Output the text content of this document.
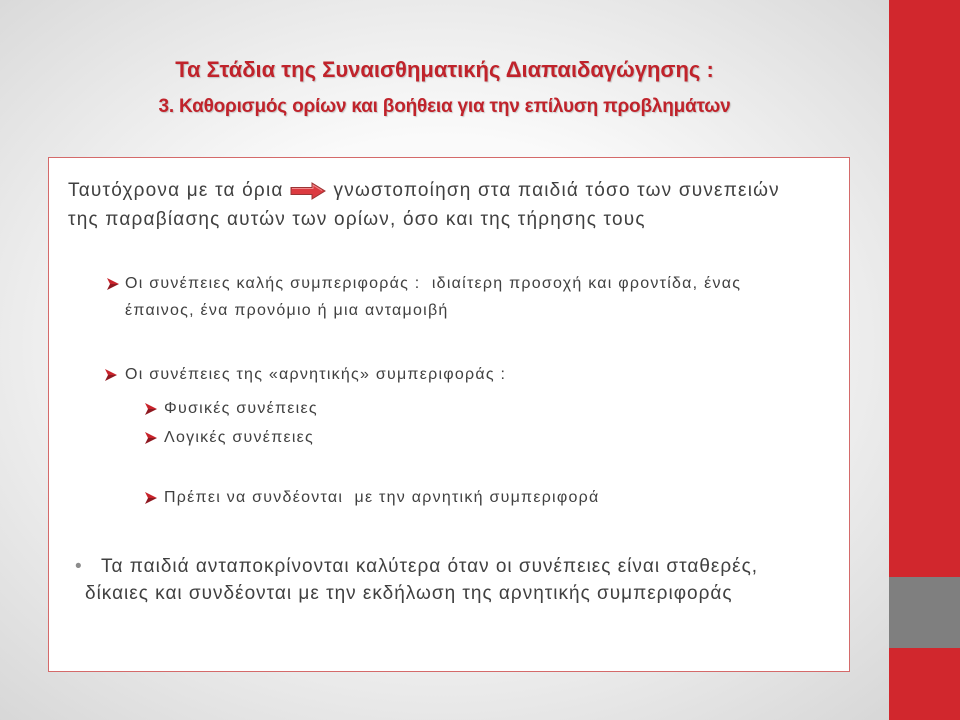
Τα Στάδια της Συναισθηματικής Διαπαιδαγώγησης :
3. Καθορισμός ορίων και βοήθεια για την επίλυση προβλημάτων
Ταυτόχρονα με τα όρια	γνωστοποίηση στα παιδιά τόσο των συνεπειών
της παραβίασης αυτών των ορίων, όσο και της τήρησης τους
Οι συνέπειες καλής συμπεριφοράς :  ιδιαίτερη προσοχή και φροντίδα, ένας
έπαινος, ένα προνόμιο ή μια ανταμοιβή
Οι συνέπειες της «αρνητικής» συμπεριφοράς :
Φυσικές συνέπειες
Λογικές συνέπειες
Πρέπει να συνδέονται  με την αρνητική συμπεριφορά
• Τα παιδιά ανταποκρίνονται καλύτερα όταν οι συνέπειες είναι σταθερές,
δίκαιες και συνδέονται με την εκδήλωση της αρνητικής συμπεριφοράς
